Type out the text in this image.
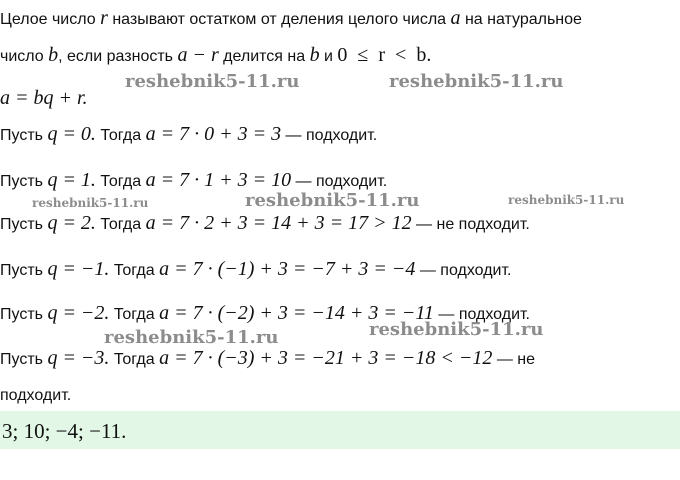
Целое число r называют остатком от деления целого числа a на натуральное
число b, если разность a − r делится на b и 0  ≤  r  <  b.
a = bq + r.
Пусть q = 0. Тогда a = 7 · 0 + 3 = 3 — подходит.
Пусть q = 1. Тогда a = 7 · 1 + 3 = 10 — подходит.
Пусть q = 2. Тогда a = 7 · 2 + 3 = 14 + 3 = 17 > 12 — не подходит.
Пусть q = −1. Тогда a = 7 · (−1) + 3 = −7 + 3 = −4 — подходит.
Пусть q = −2. Тогда a = 7 · (−2) + 3 = −14 + 3 = −11 — подходит.
Пусть q = −3. Тогда a = 7 · (−3) + 3 = −21 + 3 = −18 < −12 — не
подходит.
3; 10; −4; −11.
reshebnik5-11.ru	reshebnik5-11.ru
reshebnik5-11.ru	reshebnik5-11.ru	reshebnik5-11.ru
reshebnik5-11.ru	reshebnik5-11.ru
